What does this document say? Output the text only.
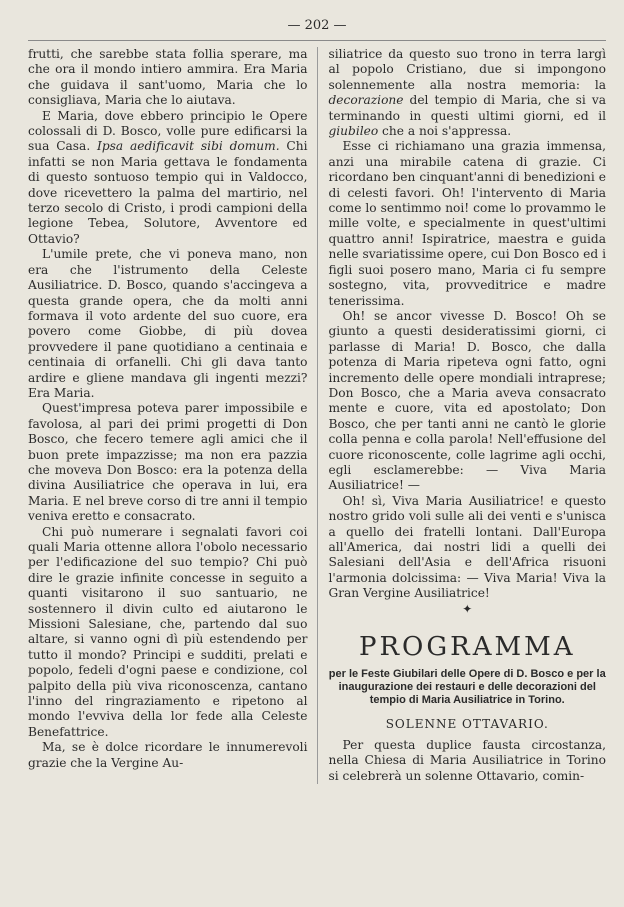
— 202 —

frutti, che sarebbe stata follia sperare, ma che ora il mondo intiero ammira. Era Maria che guidava il sant'uomo, Maria che lo consigliava, Maria che lo aiutava.

E Maria, dove ebbero principio le Opere colossali di D. Bosco, volle pure edificarsi la sua Casa. Ipsa aedificavit sibi domum. Chi infatti se non Maria gettava le fondamenta di questo sontuoso tempio qui in Valdocco, dove ricevettero la palma del martirio, nel terzo secolo di Cristo, i prodi campioni della legione Tebea, Solutore, Avventore ed Ottavio?

L'umile prete, che vi poneva mano, non era che l'istrumento della Celeste Ausiliatrice. D. Bosco, quando s'accingeva a questa grande opera, che da molti anni formava il voto ardente del suo cuore, era povero come Giobbe, di più dovea provvedere il pane quotidiano a centinaia e centinaia di orfanelli. Chi gli dava tanto ardire e gliene mandava gli ingenti mezzi? Era Maria.

Quest'impresa poteva parer impossibile e favolosa, al pari dei primi progetti di Don Bosco, che fecero temere agli amici che il buon prete impazzisse; ma non era pazzia che moveva Don Bosco: era la potenza della divina Ausiliatrice che operava in lui, era Maria. E nel breve corso di tre anni il tempio veniva eretto e consacrato.

Chi può numerare i segnalati favori coi quali Maria ottenne allora l'obolo necessario per l'edificazione del suo tempio? Chi può dire le grazie infinite concesse in seguito a quanti visitarono il suo santuario, ne sostennero il divin culto ed aiutarono le Missioni Salesiane, che, partendo dal suo altare, si vanno ogni dì più estendendo per tutto il mondo? Principi e sudditi, prelati e popolo, fedeli d'ogni paese e condizione, col palpito della più viva riconoscenza, cantano l'inno del ringraziamento e ripetono al mondo l'evviva della lor fede alla Celeste Benefattrice.

Ma, se è dolce ricordare le innumerevoli grazie che la Vergine Au-

siliatrice da questo suo trono in terra largì al popolo Cristiano, due si impongono solennemente alla nostra memoria: la decorazione del tempio di Maria, che si va terminando in questi ultimi giorni, ed il giubileo che a noi s'appressa.

Esse ci richiamano una grazia immensa, anzi una mirabile catena di grazie. Ci ricordano ben cinquant'anni di benedizioni e di celesti favori. Oh! l'intervento di Maria come lo sentimmo noi! come lo provammo le mille volte, e specialmente in quest'ultimi quattro anni! Ispiratrice, maestra e guida nelle svariatissime opere, cui Don Bosco ed i figli suoi posero mano, Maria ci fu sempre sostegno, vita, provveditrice e madre tenerissima.

Oh! se ancor vivesse D. Bosco! Oh se giunto a questi desideratissimi giorni, ci parlasse di Maria! D. Bosco, che dalla potenza di Maria ripeteva ogni fatto, ogni incremento delle opere mondiali intraprese; Don Bosco, che a Maria aveva consacrato mente e cuore, vita ed apostolato; Don Bosco, che per tanti anni ne cantò le glorie colla penna e colla parola! Nell'effusione del cuore riconoscente, colle lagrime agli occhi, egli esclamerebbe: — Viva Maria Ausiliatrice! —

Oh! sì, Viva Maria Ausiliatrice! e questo nostro grido voli sulle ali dei venti e s'unisca a quello dei fratelli lontani. Dall'Europa all'America, dai nostri lidi a quelli dei Salesiani dell'Asia e dell'Africa risuoni l'armonia dolcissima: — Viva Maria! Viva la Gran Vergine Ausiliatrice!

✦
PROGRAMMA
per le Feste Giubilari delle Opere di D. Bosco e per la inaugurazione dei restauri e delle decorazioni del tempio di Maria Ausiliatrice in Torino.
SOLENNE OTTAVARIO.

Per questa duplice fausta circostanza, nella Chiesa di Maria Ausiliatrice in Torino si celebrerà un solenne Ottavario, comin-
